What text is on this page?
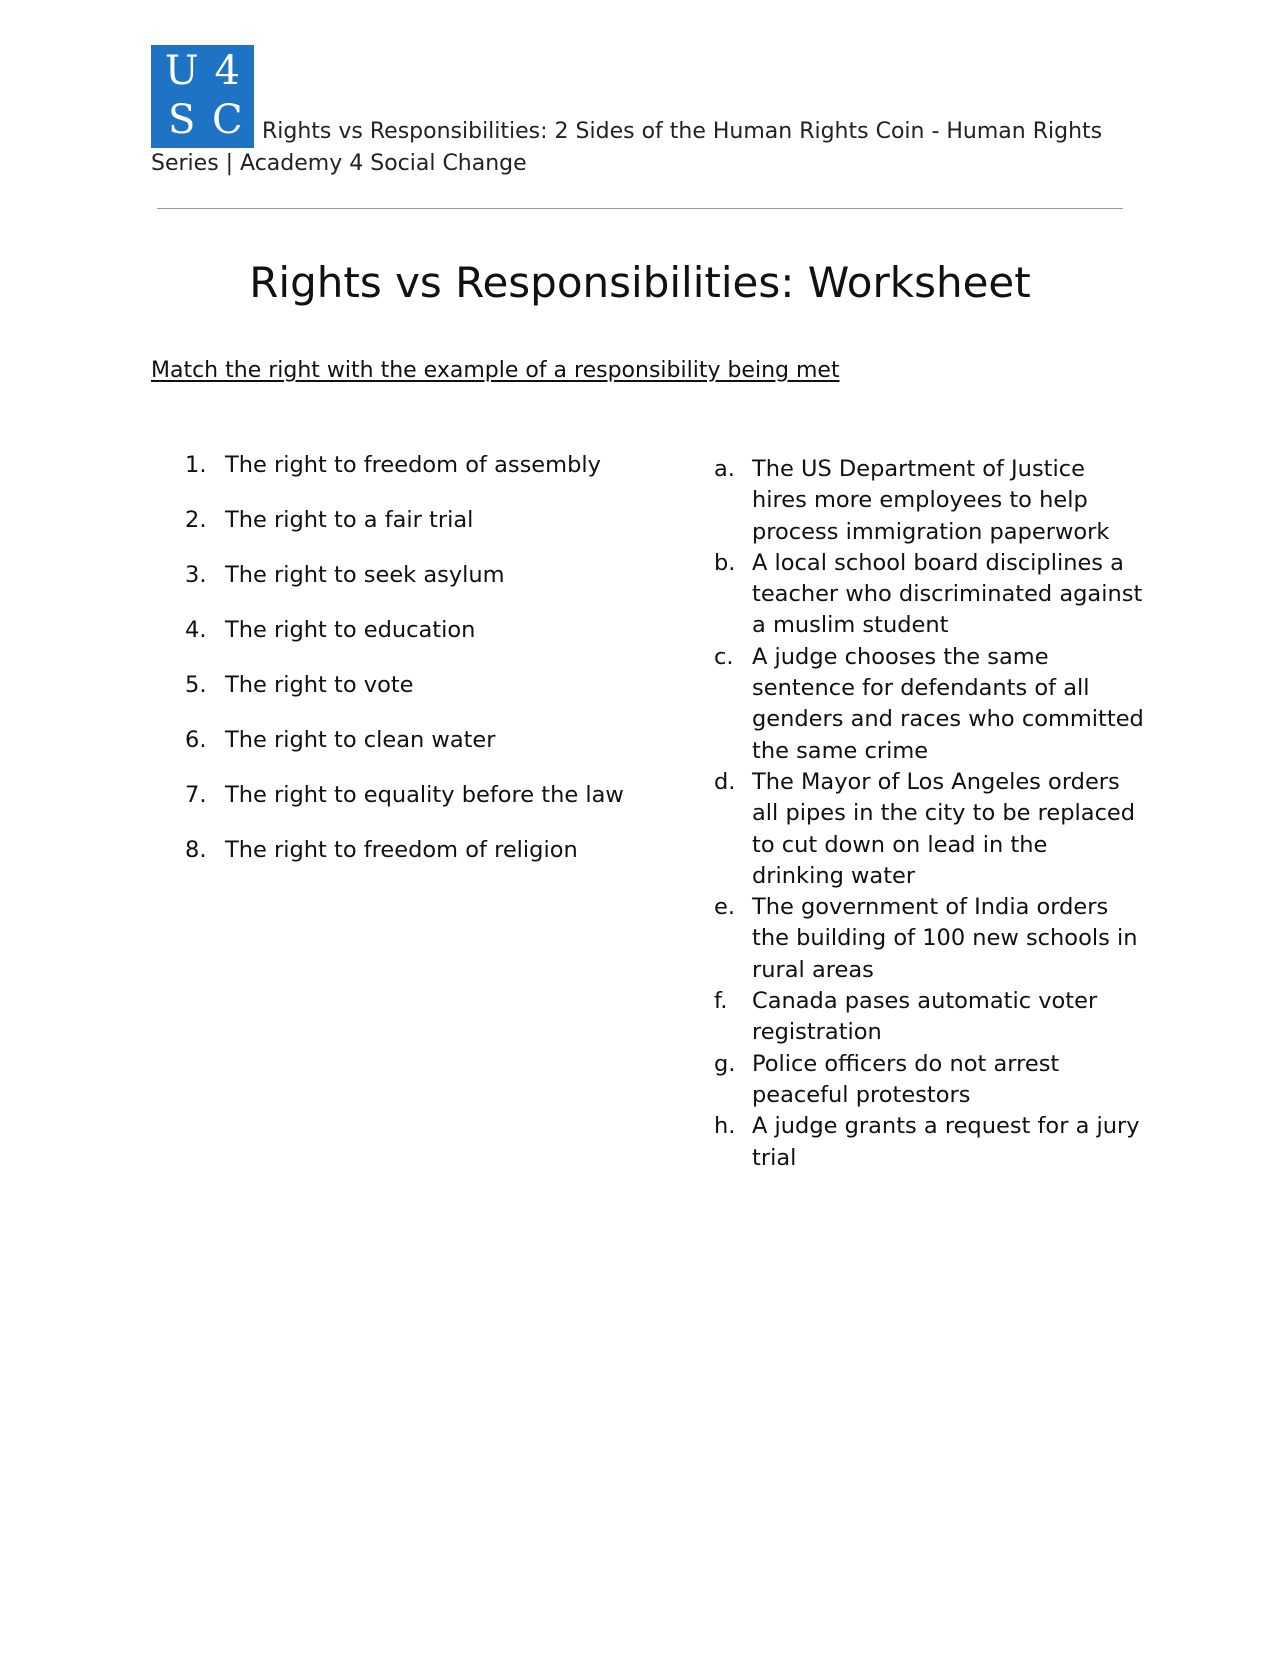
U 4
S C Rights vs Responsibilities: 2 Sides of the Human Rights Coin - Human Rights Series | Academy 4 Social Change
Rights vs Responsibilities: Worksheet

Match the right with the example of a responsibility being met

1. The right to freedom of assembly
2. The right to a fair trial
3. The right to seek asylum
4. The right to education
5. The right to vote
6. The right to clean water
7. The right to equality before the law
8. The right to freedom of religion
a. The US Department of Justice hires more employees to help process immigration paperwork
b. A local school board disciplines a teacher who discriminated against a muslim student
c. A judge chooses the same sentence for defendants of all genders and races who committed the same crime
d. The Mayor of Los Angeles orders all pipes in the city to be replaced to cut down on lead in the drinking water
e. The government of India orders the building of 100 new schools in rural areas
f.	Canada pases automatic voter registration
g. Police officers do not arrest peaceful protestors
h. A judge grants a request for a jury trial
